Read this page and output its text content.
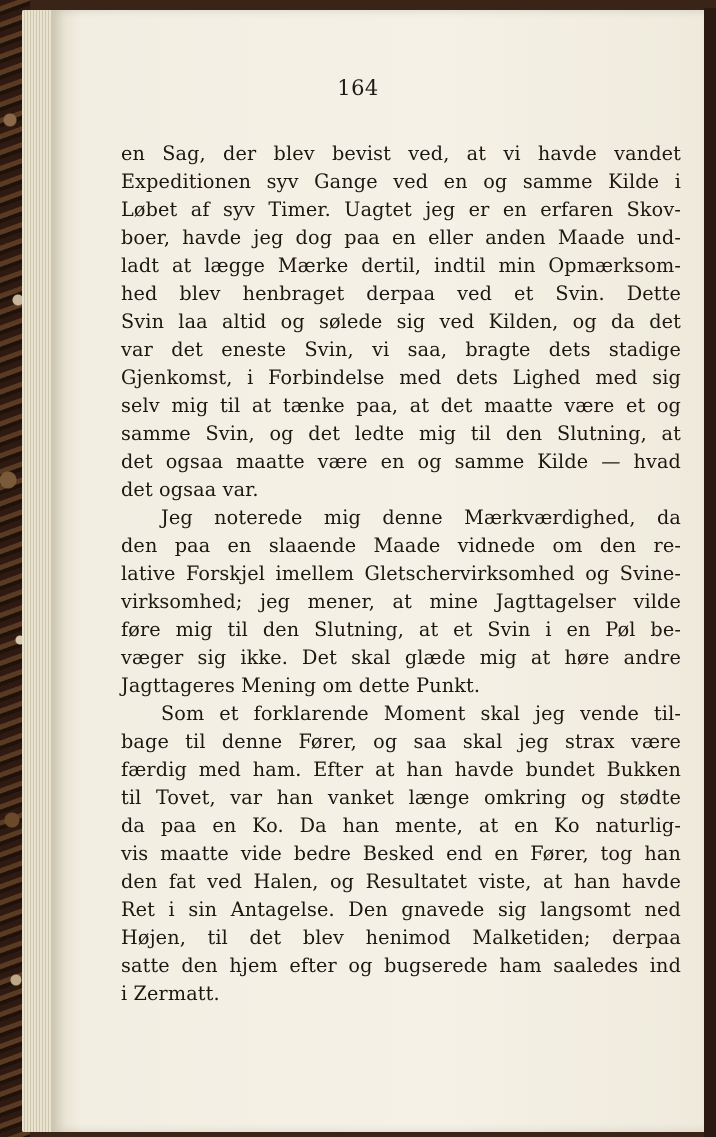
164
en Sag, der blev bevist ved, at vi havde vandet
Expeditionen syv Gange ved en og samme Kilde i
Løbet af syv Timer. Uagtet jeg er en erfaren Skov-
boer, havde jeg dog paa en eller anden Maade und-
ladt at lægge Mærke dertil, indtil min Opmærksom-
hed blev henbraget derpaa ved et Svin. Dette
Svin laa altid og sølede sig ved Kilden, og da det
var det eneste Svin, vi saa, bragte dets stadige
Gjenkomst, i Forbindelse med dets Lighed med sig
selv mig til at tænke paa, at det maatte være et og
samme Svin, og det ledte mig til den Slutning, at
det ogsaa maatte være en og samme Kilde — hvad
det ogsaa var.
Jeg noterede mig denne Mærkværdighed, da
den paa en slaaende Maade vidnede om den re-
lative Forskjel imellem Gletschervirksomhed og Svine-
virksomhed; jeg mener, at mine Jagttagelser vilde
føre mig til den Slutning, at et Svin i en Pøl be-
væger sig ikke. Det skal glæde mig at høre andre
Jagttageres Mening om dette Punkt.
Som et forklarende Moment skal jeg vende til-
bage til denne Fører, og saa skal jeg strax være
færdig med ham. Efter at han havde bundet Bukken
til Tovet, var han vanket længe omkring og stødte
da paa en Ko. Da han mente, at en Ko naturlig-
vis maatte vide bedre Besked end en Fører, tog han
den fat ved Halen, og Resultatet viste, at han havde
Ret i sin Antagelse. Den gnavede sig langsomt ned
Højen, til det blev henimod Malketiden; derpaa
satte den hjem efter og bugserede ham saaledes ind
i Zermatt.
